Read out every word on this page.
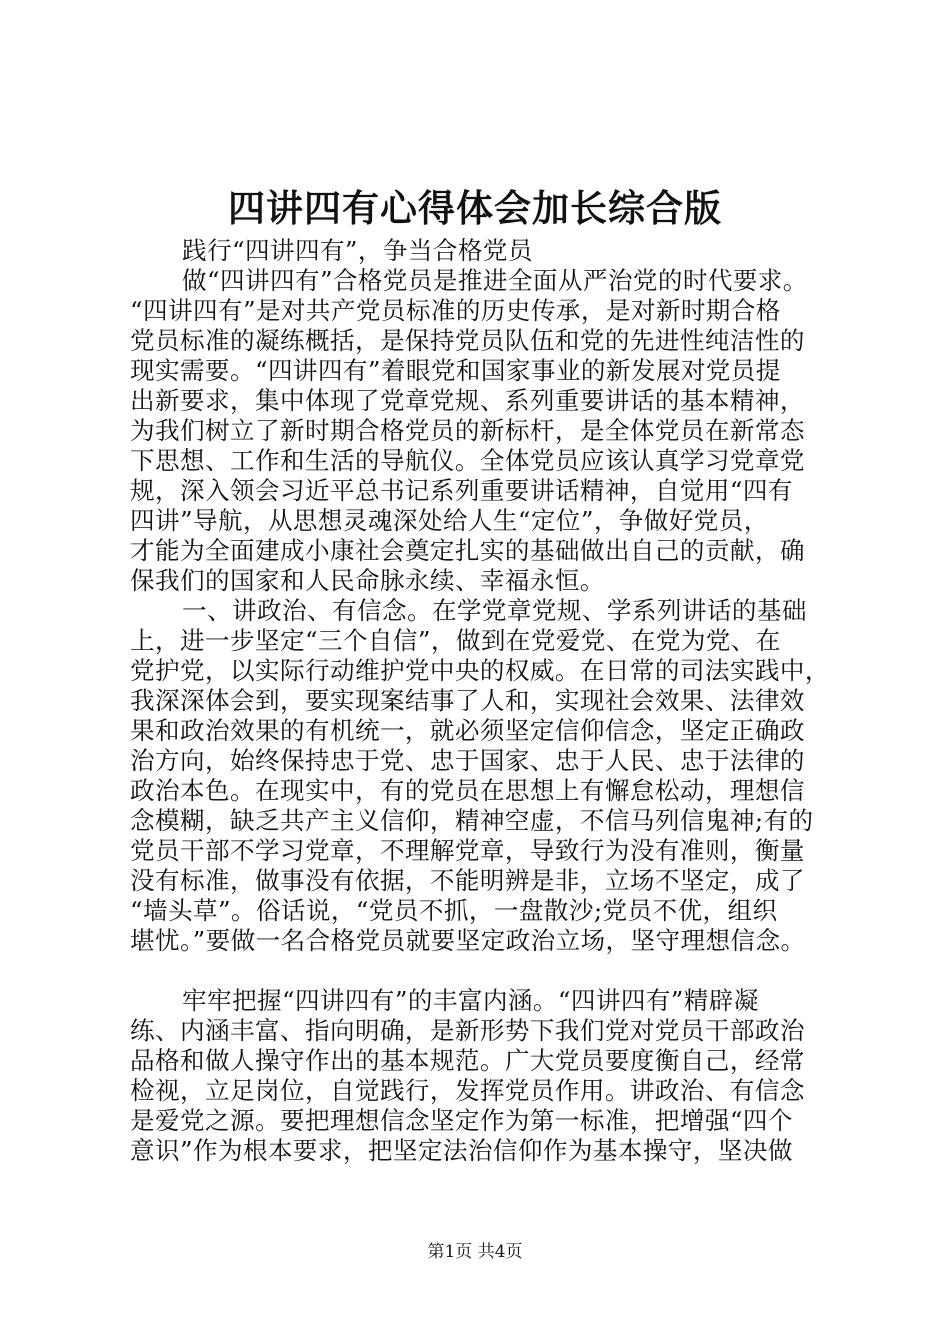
四讲四有心得体会加长综合版
践行“四讲四有”，争当合格党员
做“四讲四有”合格党员是推进全面从严治党的时代要求。
“四讲四有”是对共产党员标准的历史传承，是对新时期合格
党员标准的凝练概括，是保持党员队伍和党的先进性纯洁性的
现实需要。“四讲四有”着眼党和国家事业的新发展对党员提
出新要求，集中体现了党章党规、系列重要讲话的基本精神，
为我们树立了新时期合格党员的新标杆，是全体党员在新常态
下思想、工作和生活的导航仪。全体党员应该认真学习党章党
规，深入领会习近平总书记系列重要讲话精神，自觉用“四有
四讲”导航，从思想灵魂深处给人生“定位”，争做好党员，
才能为全面建成小康社会奠定扎实的基础做出自己的贡献，确
保我们的国家和人民命脉永续、幸福永恒。
一、讲政治、有信念。在学党章党规、学系列讲话的基础
上，进一步坚定“三个自信”，做到在党爱党、在党为党、在
党护党，以实际行动维护党中央的权威。在日常的司法实践中，
我深深体会到，要实现案结事了人和，实现社会效果、法律效
果和政治效果的有机统一，就必须坚定信仰信念，坚定正确政
治方向，始终保持忠于党、忠于国家、忠于人民、忠于法律的
政治本色。在现实中，有的党员在思想上有懈怠松动，理想信
念模糊，缺乏共产主义信仰，精神空虚，不信马列信鬼神;有的
党员干部不学习党章，不理解党章，导致行为没有准则，衡量
没有标准，做事没有依据，不能明辨是非，立场不坚定，成了
“墙头草”。俗话说，“党员不抓，一盘散沙;党员不优，组织
堪忧。”要做一名合格党员就要坚定政治立场，坚守理想信念。
牢牢把握“四讲四有”的丰富内涵。“四讲四有”精辟凝
练、内涵丰富、指向明确，是新形势下我们党对党员干部政治
品格和做人操守作出的基本规范。广大党员要度衡自己，经常
检视，立足岗位，自觉践行，发挥党员作用。讲政治、有信念
是爱党之源。要把理想信念坚定作为第一标准，把增强“四个
意识”作为根本要求，把坚定法治信仰作为基本操守，坚决做
第1页 共4页
